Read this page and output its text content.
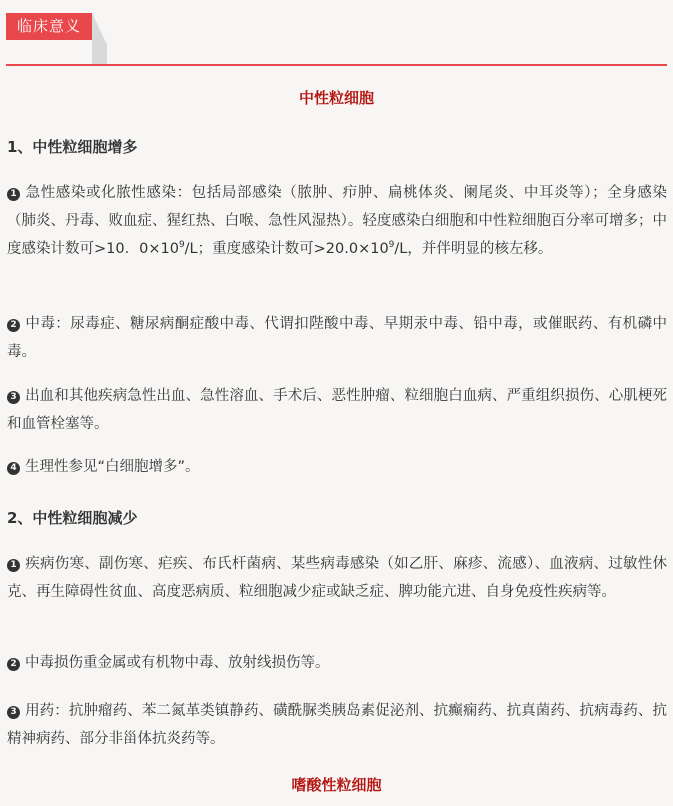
临床意义
中性粒细胞
1、中性粒细胞增多

1 急性感染或化脓性感染：包括局部感染（脓肿、疖肿、扁桃体炎、阑尾炎、中耳炎等）；全身感染（肺炎、丹毒、败血症、猩红热、白喉、急性风湿热）。轻度感染白细胞和中性粒细胞百分率可增多；中度感染计数可>10．$0\times 10^9/L$；重度感染计数可$>20.0\times 10^9/L$，并伴明显的核左移。

2 中毒：尿毒症、糖尿病酮症酸中毒、代谓扣陛酸中毒、早期汞中毒、铅中毒，或催眠药、有机磷中毒。

3 出血和其他疾病急性出血、急性溶血、手术后、恶性肿瘤、粒细胞白血病、严重组织损伤、心肌梗死和血管栓塞等。

4 生理性参见“白细胞增多”。

2、中性粒细胞减少

1 疾病伤寒、副伤寒、疟疾、布氏杆菌病、某些病毒感染（如乙肝、麻疹、流感）、血液病、过敏性休克、再生障碍性贫血、高度恶病质、粒细胞减少症或缺乏症、脾功能亢进、自身免疫性疾病等。

2 中毒损伤重金属或有机物中毒、放射线损伤等。

3 用药：抗肿瘤药、苯二氮革类镇静药、磺酰脲类胰岛素促泌剂、抗癫痫药、抗真菌药、抗病毒药、抗精神病药、部分非甾体抗炎药等。

嗜酸性粒细胞
